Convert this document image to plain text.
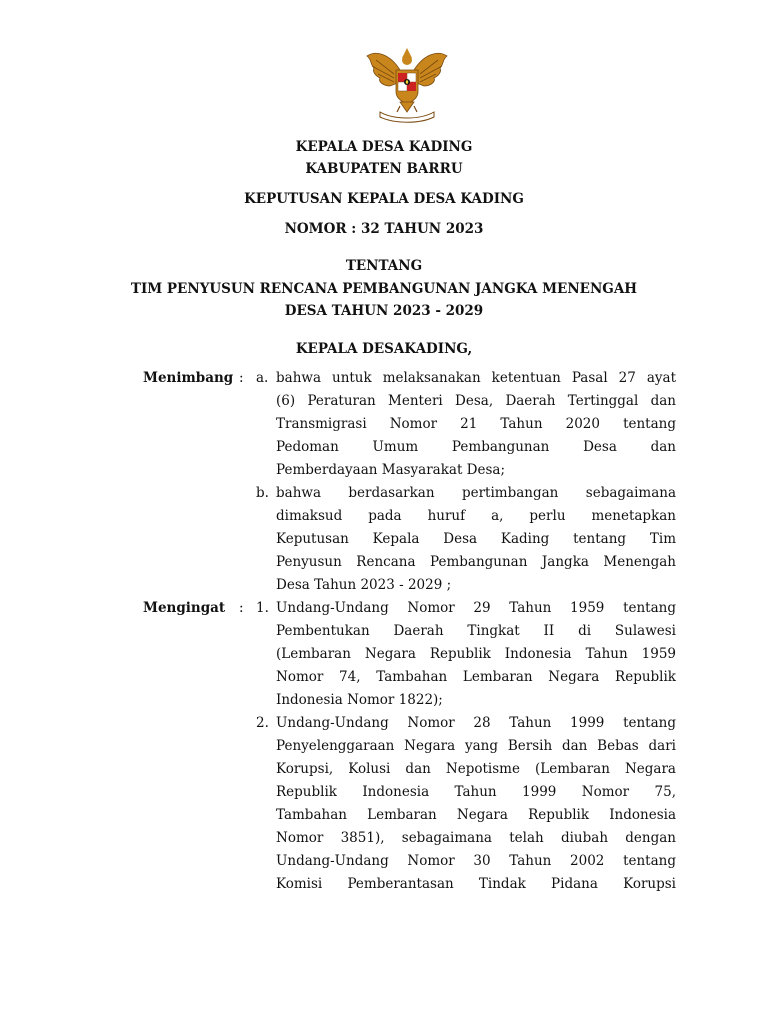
KEPALA DESA KADING

KABUPATEN BARRU

KEPUTUSAN KEPALA DESA KADING

NOMOR : 32 TAHUN 2023

TENTANG

TIM PENYUSUN RENCANA PEMBANGUNAN JANGKA MENENGAH

DESA TAHUN 2023 - 2029

KEPALA DESAKADING,

Menimbang : a. bahwa untuk melaksanakan ketentuan Pasal 27 ayat

(6) Peraturan Menteri Desa, Daerah Tertinggal dan

Transmigrasi Nomor 21 Tahun 2020 tentang

Pedoman Umum Pembangunan Desa dan

Pemberdayaan Masyarakat Desa;

b. bahwa berdasarkan pertimbangan sebagaimana

dimaksud pada huruf a, perlu menetapkan

Keputusan Kepala Desa Kading tentang Tim

Penyusun Rencana Pembangunan Jangka Menengah

Desa Tahun 2023 - 2029 ;

Mengingat	: 1. Undang-Undang Nomor 29 Tahun 1959 tentang

Pembentukan Daerah Tingkat II di Sulawesi

(Lembaran Negara Republik Indonesia Tahun 1959

Nomor 74, Tambahan Lembaran Negara Republik

Indonesia Nomor 1822);

2. Undang-Undang Nomor 28 Tahun 1999 tentang

Penyelenggaraan Negara yang Bersih dan Bebas dari

Korupsi, Kolusi dan Nepotisme (Lembaran Negara

Republik Indonesia Tahun 1999 Nomor 75,

Tambahan Lembaran Negara Republik Indonesia

Nomor 3851), sebagaimana telah diubah dengan

Undang-Undang Nomor 30 Tahun 2002 tentang

Komisi Pemberantasan Tindak Pidana Korupsi
